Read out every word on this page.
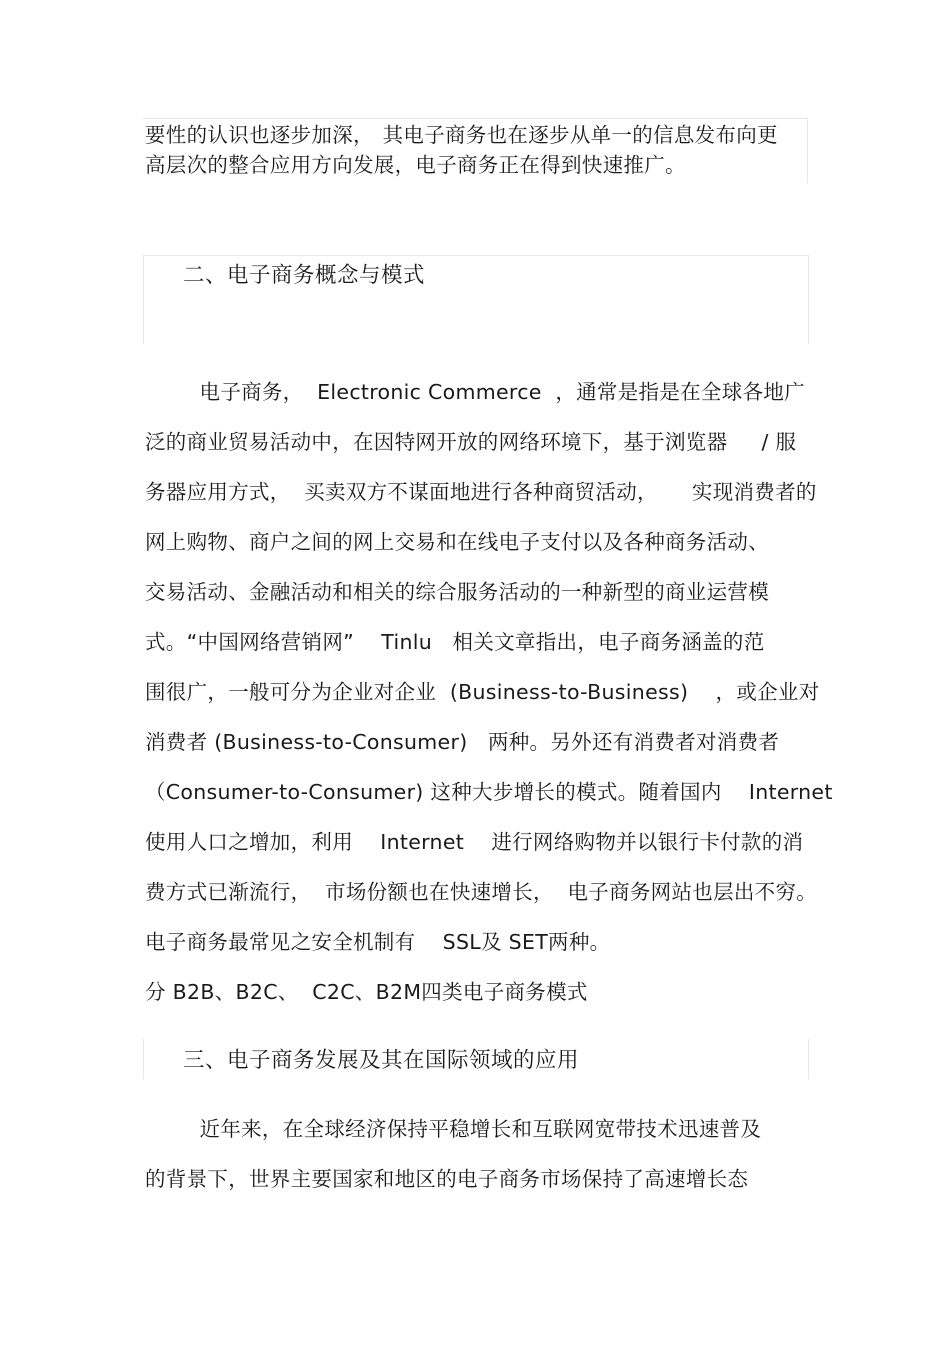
要性的认识也逐步加深， 其电子商务也在逐步从单一的信息发布向更
高层次的整合应用方向发展，电子商务正在得到快速推广。
二、电子商务概念与模式
电子商务，  Electronic Commerce  ，通常是指是在全球各地广
泛的商业贸易活动中，在因特网开放的网络环境下，基于浏览器     / 服
务器应用方式，  买卖双方不谋面地进行各种商贸活动，     实现消费者的
网上购物、商户之间的网上交易和在线电子支付以及各种商务活动、
交易活动、金融活动和相关的综合服务活动的一种新型的商业运营模
式。“中国网络营销网”    Tinlu   相关文章指出，电子商务涵盖的范
围很广，一般可分为企业对企业  (Business-to-Business)    ，或企业对
消费者 (Business-to-Consumer)   两种。另外还有消费者对消费者
（Consumer-to-Consumer) 这种大步增长的模式。随着国内    Internet
使用人口之增加，利用    Internet    进行网络购物并以银行卡付款的消
费方式已渐流行，  市场份额也在快速增长，  电子商务网站也层出不穷。
电子商务最常见之安全机制有    SSL及 SET两种。
分 B2B、B2C、  C2C、B2M四类电子商务模式
三、电子商务发展及其在国际领域的应用
近年来，在全球经济保持平稳增长和互联网宽带技术迅速普及
的背景下，世界主要国家和地区的电子商务市场保持了高速增长态
